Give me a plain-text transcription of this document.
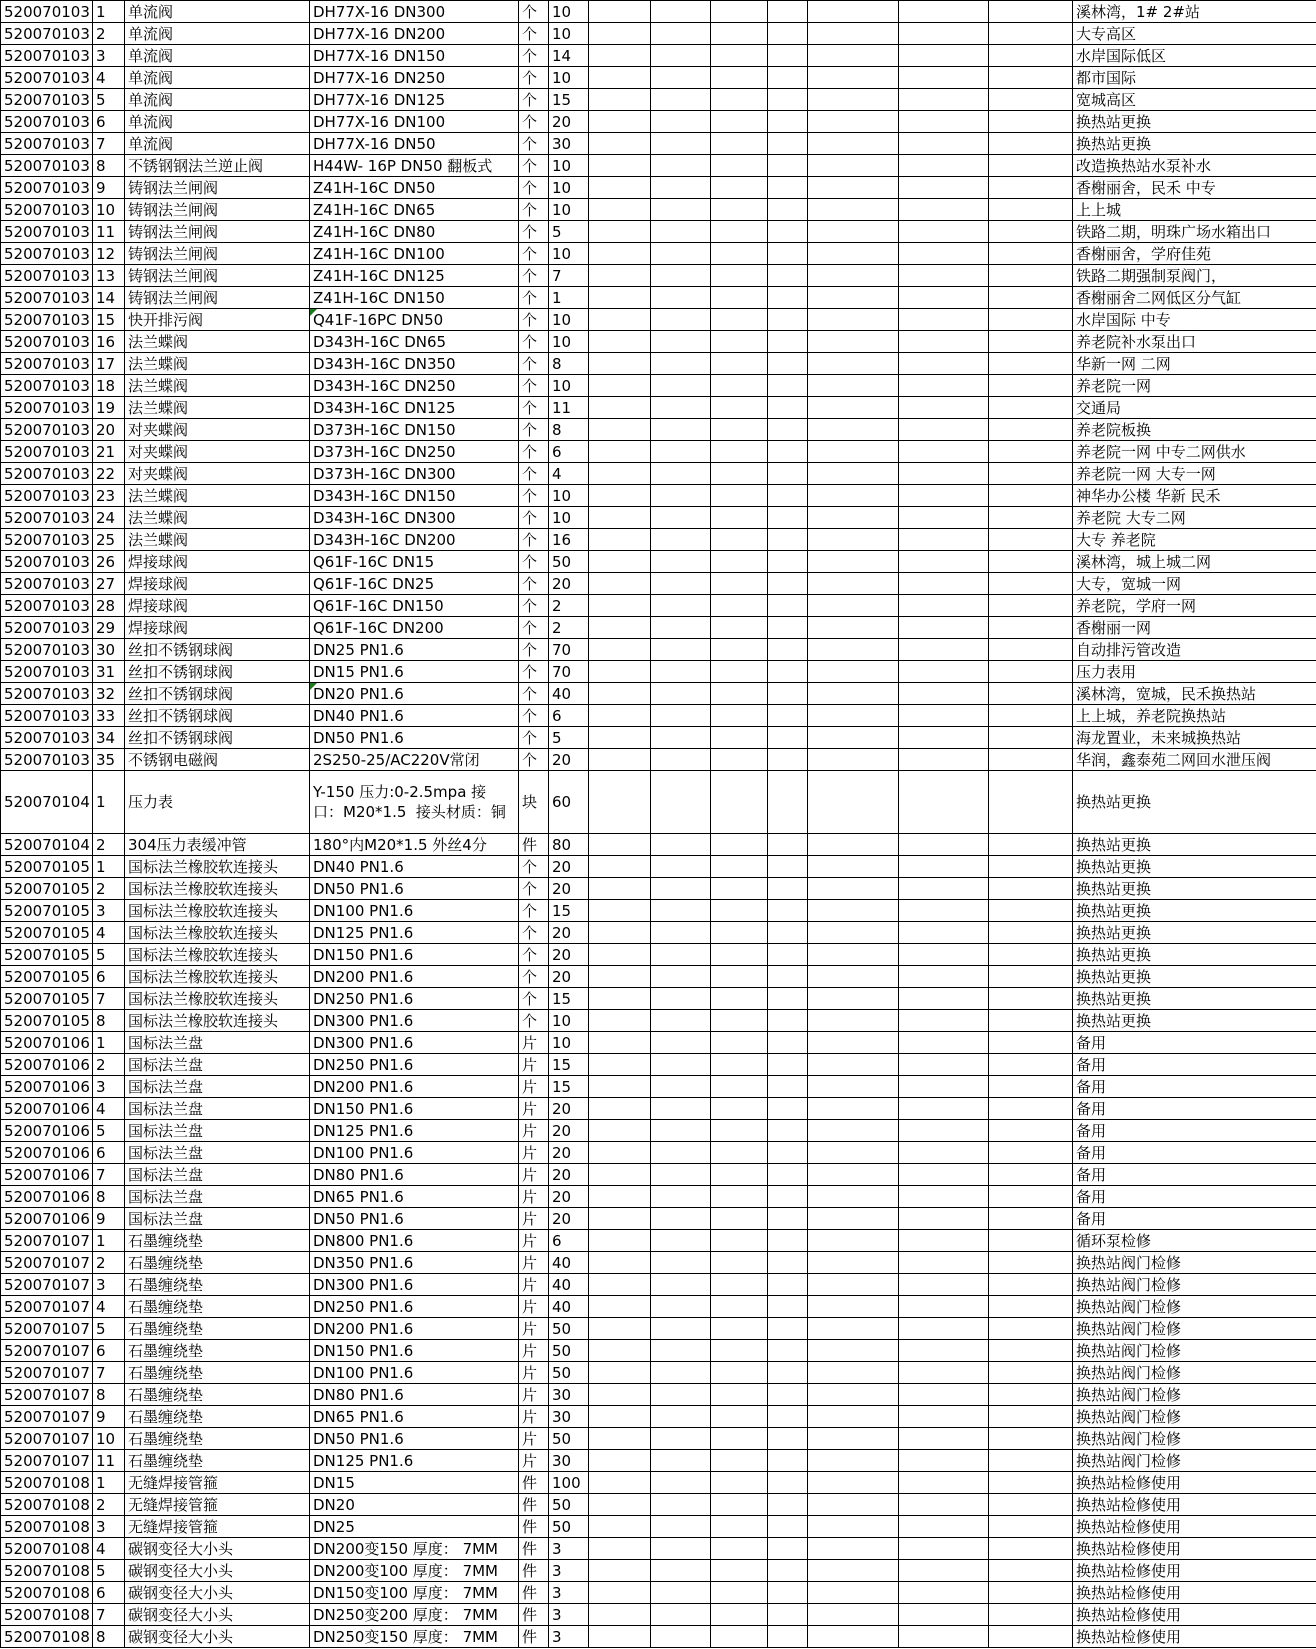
520070103	1	单流阀	DH77X-16 DN300	个	10								溪林湾，1# 2#站
520070103	2	单流阀	DH77X-16 DN200	个	10								大专高区
520070103	3	单流阀	DH77X-16 DN150	个	14								水岸国际低区
520070103	4	单流阀	DH77X-16 DN250	个	10								都市国际
520070103	5	单流阀	DH77X-16 DN125	个	15								宽城高区
520070103	6	单流阀	DH77X-16 DN100	个	20								换热站更换
520070103	7	单流阀	DH77X-16 DN50	个	30								换热站更换
520070103	8	不锈钢钢法兰逆止阀	H44W- 16P DN50 翻板式	个	10								改造换热站水泵补水
520070103	9	铸钢法兰闸阀	Z41H-16C DN50	个	10								香榭丽舍，民禾 中专
520070103	10	铸钢法兰闸阀	Z41H-16C DN65	个	10								上上城
520070103	11	铸钢法兰闸阀	Z41H-16C DN80	个	5								铁路二期，明珠广场水箱出口
520070103	12	铸钢法兰闸阀	Z41H-16C DN100	个	10								香榭丽舍，学府佳苑
520070103	13	铸钢法兰闸阀	Z41H-16C DN125	个	7								铁路二期强制泵阀门，
520070103	14	铸钢法兰闸阀	Z41H-16C DN150	个	1								香榭丽舍二网低区分气缸
520070103	15	快开排污阀	Q41F-16PC DN50	个	10								水岸国际 中专
520070103	16	法兰蝶阀	D343H-16C DN65	个	10								养老院补水泵出口
520070103	17	法兰蝶阀	D343H-16C DN350	个	8								华新一网 二网
520070103	18	法兰蝶阀	D343H-16C DN250	个	10								养老院一网
520070103	19	法兰蝶阀	D343H-16C DN125	个	11								交通局
520070103	20	对夹蝶阀	D373H-16C DN150	个	8								养老院板换
520070103	21	对夹蝶阀	D373H-16C DN250	个	6								养老院一网 中专二网供水
520070103	22	对夹蝶阀	D373H-16C DN300	个	4								养老院一网 大专一网
520070103	23	法兰蝶阀	D343H-16C DN150	个	10								神华办公楼 华新 民禾
520070103	24	法兰蝶阀	D343H-16C DN300	个	10								养老院 大专二网
520070103	25	法兰蝶阀	D343H-16C DN200	个	16								大专 养老院
520070103	26	焊接球阀	Q61F-16C DN15	个	50								溪林湾，城上城二网
520070103	27	焊接球阀	Q61F-16C DN25	个	20								大专，宽城一网
520070103	28	焊接球阀	Q61F-16C DN150	个	2								养老院，学府一网
520070103	29	焊接球阀	Q61F-16C DN200	个	2								香榭丽一网
520070103	30	丝扣不锈钢球阀	DN25 PN1.6	个	70								自动排污管改造
520070103	31	丝扣不锈钢球阀	DN15 PN1.6	个	70								压力表用
520070103	32	丝扣不锈钢球阀	DN20 PN1.6	个	40								溪林湾，宽城，民禾换热站
520070103	33	丝扣不锈钢球阀	DN40 PN1.6	个	6								上上城，养老院换热站
520070103	34	丝扣不锈钢球阀	DN50 PN1.6	个	5								海龙置业，未来城换热站
520070103	35	不锈钢电磁阀	2S250-25/AC220V常闭	个	20								华润，鑫泰苑二网回水泄压阀
520070104	1	压力表	Y-150 压力:0-2.5mpa 接口：M20*1.5  接头材质：铜	块	60								换热站更换
520070104	2	304压力表缓冲管	180°内M20*1.5 外丝4分	件	80								换热站更换
520070105	1	国标法兰橡胶软连接头	DN40 PN1.6	个	20								换热站更换
520070105	2	国标法兰橡胶软连接头	DN50 PN1.6	个	20								换热站更换
520070105	3	国标法兰橡胶软连接头	DN100 PN1.6	个	15								换热站更换
520070105	4	国标法兰橡胶软连接头	DN125 PN1.6	个	20								换热站更换
520070105	5	国标法兰橡胶软连接头	DN150 PN1.6	个	20								换热站更换
520070105	6	国标法兰橡胶软连接头	DN200 PN1.6	个	20								换热站更换
520070105	7	国标法兰橡胶软连接头	DN250 PN1.6	个	15								换热站更换
520070105	8	国标法兰橡胶软连接头	DN300 PN1.6	个	10								换热站更换
520070106	1	国标法兰盘	DN300 PN1.6	片	10								备用
520070106	2	国标法兰盘	DN250 PN1.6	片	15								备用
520070106	3	国标法兰盘	DN200 PN1.6	片	15								备用
520070106	4	国标法兰盘	DN150 PN1.6	片	20								备用
520070106	5	国标法兰盘	DN125 PN1.6	片	20								备用
520070106	6	国标法兰盘	DN100 PN1.6	片	20								备用
520070106	7	国标法兰盘	DN80 PN1.6	片	20								备用
520070106	8	国标法兰盘	DN65 PN1.6	片	20								备用
520070106	9	国标法兰盘	DN50 PN1.6	片	20								备用
520070107	1	石墨缠绕垫	DN800 PN1.6	片	6								循环泵检修
520070107	2	石墨缠绕垫	DN350 PN1.6	片	40								换热站阀门检修
520070107	3	石墨缠绕垫	DN300 PN1.6	片	40								换热站阀门检修
520070107	4	石墨缠绕垫	DN250 PN1.6	片	40								换热站阀门检修
520070107	5	石墨缠绕垫	DN200 PN1.6	片	50								换热站阀门检修
520070107	6	石墨缠绕垫	DN150 PN1.6	片	50								换热站阀门检修
520070107	7	石墨缠绕垫	DN100 PN1.6	片	50								换热站阀门检修
520070107	8	石墨缠绕垫	DN80 PN1.6	片	30								换热站阀门检修
520070107	9	石墨缠绕垫	DN65 PN1.6	片	30								换热站阀门检修
520070107	10	石墨缠绕垫	DN50 PN1.6	片	50								换热站阀门检修
520070107	11	石墨缠绕垫	DN125 PN1.6	片	30								换热站阀门检修
520070108	1	无缝焊接管箍	DN15	件	100								换热站检修使用
520070108	2	无缝焊接管箍	DN20	件	50								换热站检修使用
520070108	3	无缝焊接管箍	DN25	件	50								换热站检修使用
520070108	4	碳钢变径大小头	DN200变150 厚度： 7MM	件	3								换热站检修使用
520070108	5	碳钢变径大小头	DN200变100 厚度： 7MM	件	3								换热站检修使用
520070108	6	碳钢变径大小头	DN150变100 厚度： 7MM	件	3								换热站检修使用
520070108	7	碳钢变径大小头	DN250变200 厚度： 7MM	件	3								换热站检修使用
520070108	8	碳钢变径大小头	DN250变150 厚度： 7MM	件	3								换热站检修使用
